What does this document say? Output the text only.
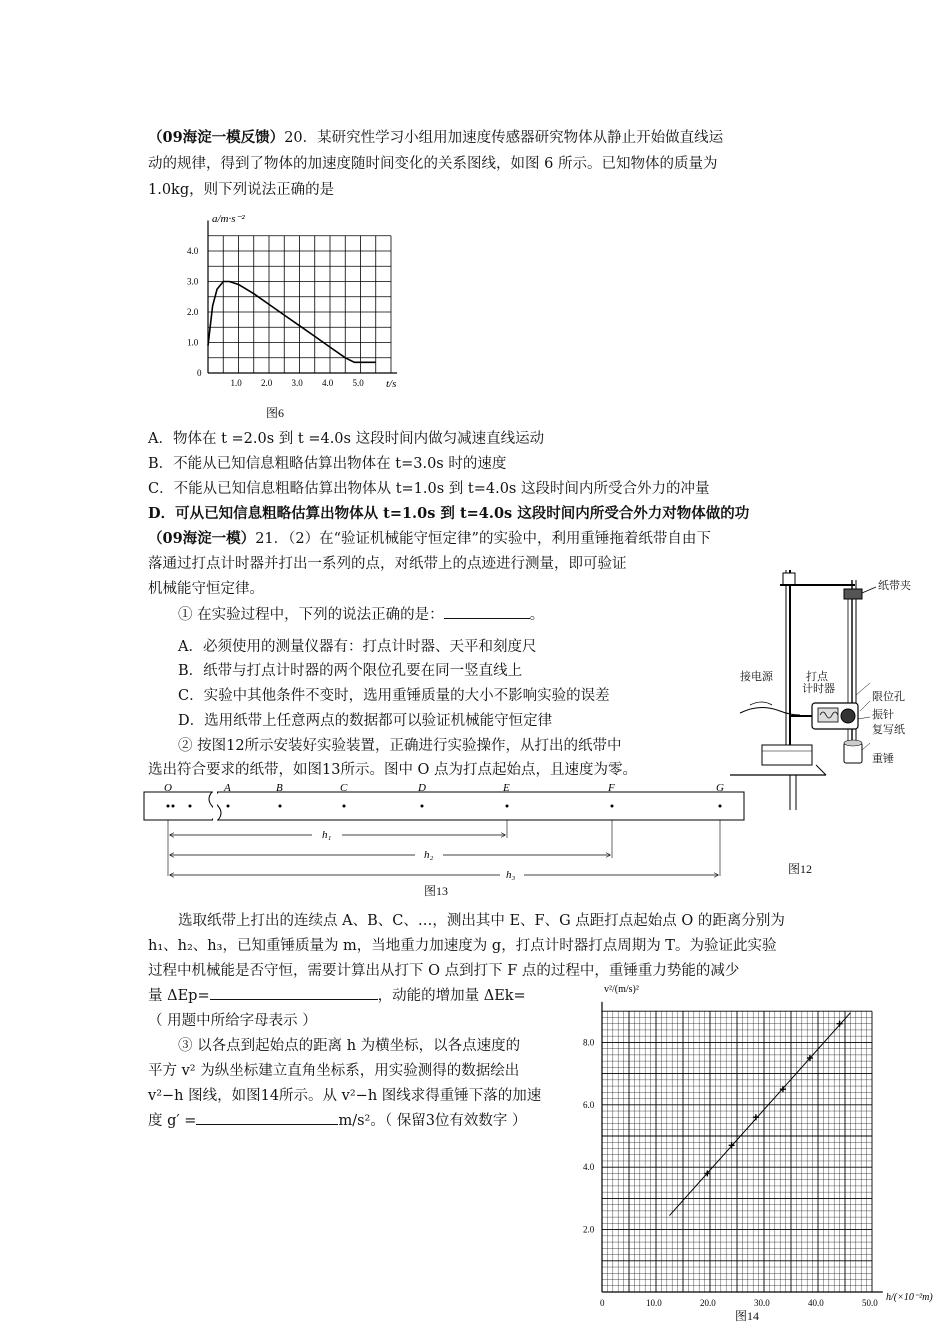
（09海淀一模反馈）20．某研究性学习小组用加速度传感器研究物体从静止开始做直线运
动的规律，得到了物体的加速度随时间变化的关系图线，如图 6 所示。已知物体的质量为
1.0kg，则下列说法正确的是
1.0 2.0 3.0 4.0 5.0
0
1.0
2.0
3.0
4.0
a/m·s⁻²
t/s
图6
A．物体在 t =2.0s 到 t =4.0s 这段时间内做匀减速直线运动
B．不能从已知信息粗略估算出物体在 t=3.0s 时的速度
C．不能从已知信息粗略估算出物体从 t=1.0s 到 t=4.0s 这段时间内所受合外力的冲量
D．可从已知信息粗略估算出物体从 t=1.0s 到 t=4.0s 这段时间内所受合外力对物体做的功
（09海淀一模）21．（2）在“验证机械能守恒定律”的实验中，利用重锤拖着纸带自由下
落通过打点计时器并打出一系列的点，对纸带上的点迹进行测量，即可验证
机械能守恒定律。
① 在实验过程中，下列的说法正确的是：	。
A．必须使用的测量仪器有：打点计时器、天平和刻度尺
B．纸带与打点计时器的两个限位孔要在同一竖直线上
C．实验中其他条件不变时，选用重锤质量的大小不影响实验的误差
D．选用纸带上任意两点的数据都可以验证机械能守恒定律
② 按图12所示安装好实验装置，正确进行实验操作，从打出的纸带中
选出符合要求的纸带，如图13所示。图中 O 点为打点起始点，且速度为零。
纸带夹
接电源	打点
计时器
限位孔
振针
复写纸
重锤
图12
O	A	B	C	D	E	F	G
h₁
h₂
h₃
图13
选取纸带上打出的连续点 A、B、C、…，测出其中 E、F、G 点距打点起始点 O 的距离分别为
h₁、h₂、h₃，已知重锤质量为 m，当地重力加速度为 g，打点计时器打点周期为 T。为验证此实验
过程中机械能是否守恒，需要计算出从打下 O 点到打下 F 点的过程中，重锤重力势能的减少
量 ΔEp=	，动能的增加量 ΔEk=
（ 用题中所给字母表示 ）
③ 以各点到起始点的距离 h 为横坐标，以各点速度的
平方 v² 为纵坐标建立直角坐标系，用实验测得的数据绘出
v²−h 图线，如图14所示。从 v²−h 图线求得重锤下落的加速
度 g′ =	m/s²。（ 保留3位有效数字 ）
0	10.0	20.0	30.0	40.0	50.0
2.0
4.0
6.0
8.0
v²/(m/s)²
h/(×10⁻²m)
图14
